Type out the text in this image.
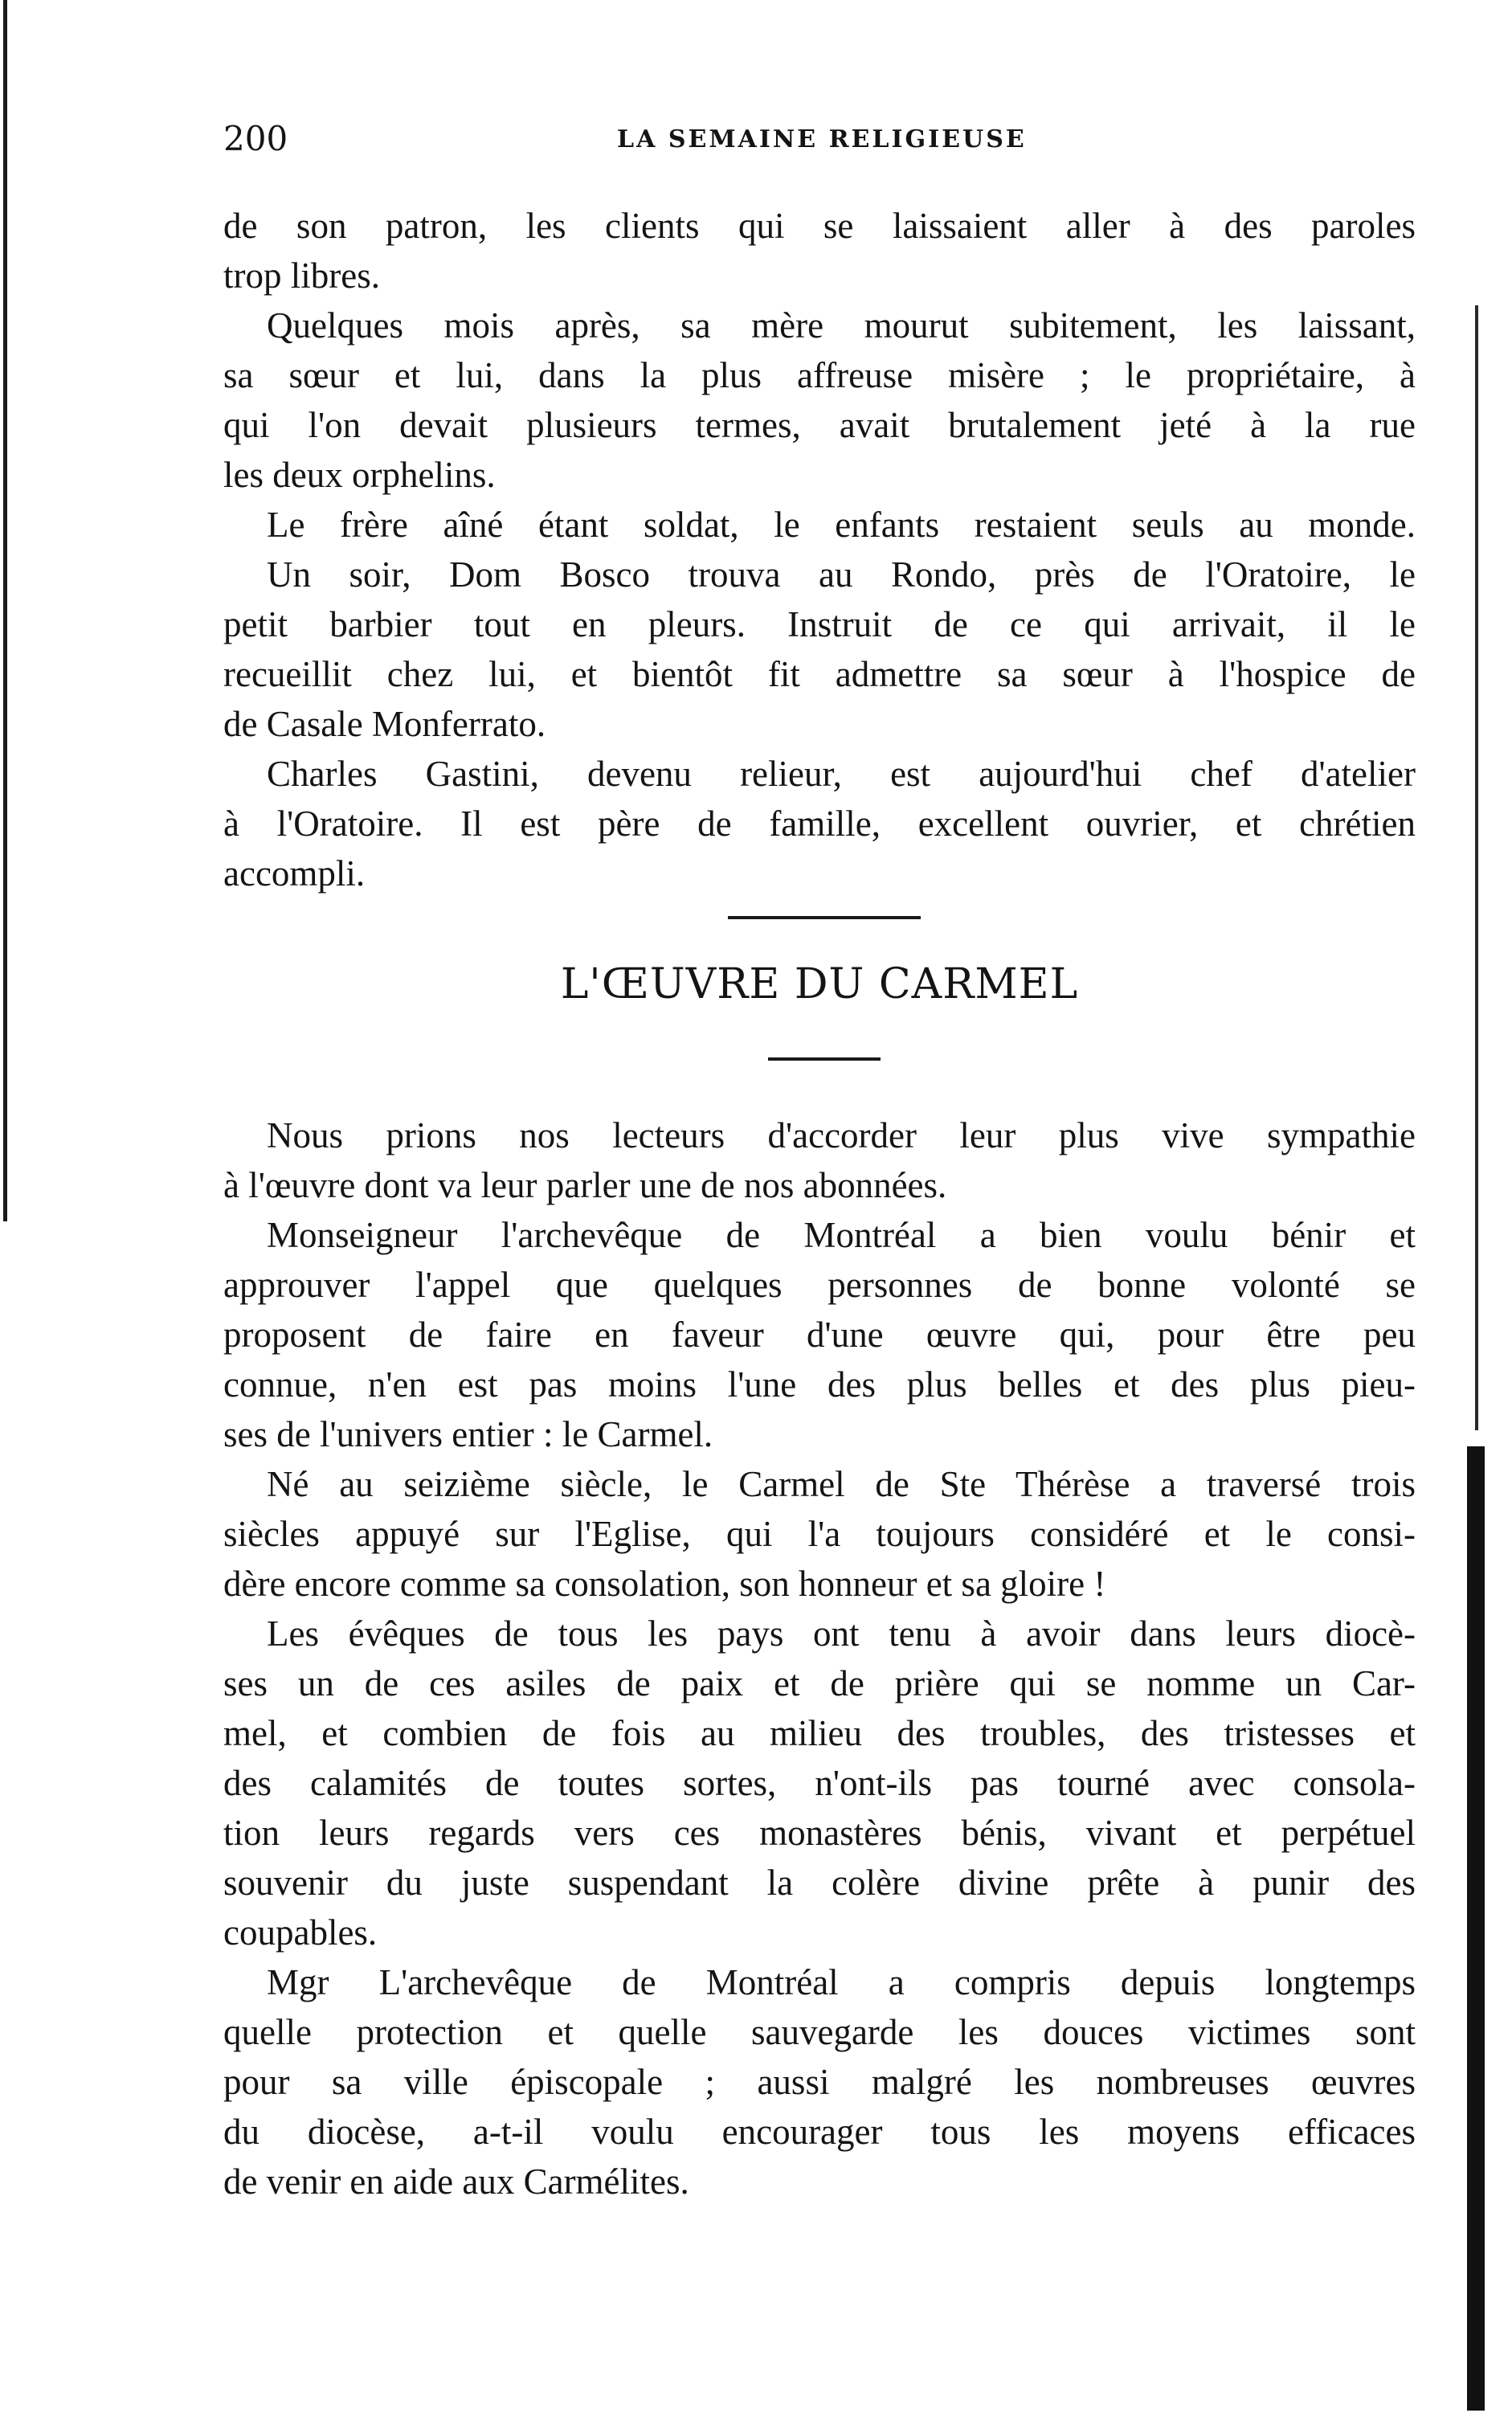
200	LA SEMAINE RELIGIEUSE
de son patron, les clients qui se laissaient aller à des paroles
trop libres.
Quelques mois après, sa mère mourut subitement, les laissant,
sa sœur et lui, dans la plus affreuse misère ; le propriétaire, à
qui l'on devait plusieurs termes, avait brutalement jeté à la rue
les deux orphelins.
Le frère aîné étant soldat, le enfants restaient seuls au monde.
Un soir, Dom Bosco trouva au Rondo, près de l'Oratoire, le
petit barbier tout en pleurs. Instruit de ce qui arrivait, il le
recueillit chez lui, et bientôt fit admettre sa sœur à l'hospice de
de Casale Monferrato.
Charles Gastini, devenu relieur, est aujourd'hui chef d'atelier
à l'Oratoire. Il est père de famille, excellent ouvrier, et chrétien
accompli.
L'ŒUVRE DU CARMEL
Nous prions nos lecteurs d'accorder leur plus vive sympathie
à l'œuvre dont va leur parler une de nos abonnées.
Monseigneur l'archevêque de Montréal a bien voulu bénir et
approuver l'appel que quelques personnes de bonne volonté se
proposent de faire en faveur d'une œuvre qui, pour être peu
connue, n'en est pas moins l'une des plus belles et des plus pieu-
ses de l'univers entier : le Carmel.
Né au seizième siècle, le Carmel de Ste Thérèse a traversé trois
siècles appuyé sur l'Eglise, qui l'a toujours considéré et le consi-
dère encore comme sa consolation, son honneur et sa gloire !
Les évêques de tous les pays ont tenu à avoir dans leurs diocè-
ses un de ces asiles de paix et de prière qui se nomme un Car-
mel, et combien de fois au milieu des troubles, des tristesses et
des calamités de toutes sortes, n'ont-ils pas tourné avec consola-
tion leurs regards vers ces monastères bénis, vivant et perpétuel
souvenir du juste suspendant la colère divine prête à punir des
coupables.
Mgr L'archevêque de Montréal a compris depuis longtemps
quelle protection et quelle sauvegarde les douces victimes sont
pour sa ville épiscopale ; aussi malgré les nombreuses œuvres
du diocèse, a-t-il voulu encourager tous les moyens efficaces
de venir en aide aux Carmélites.
